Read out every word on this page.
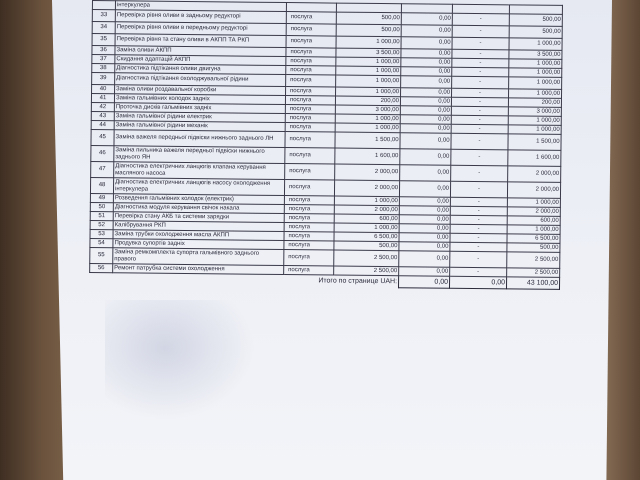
	інтеркулера					
33	Перевірка рівня оливи в задньому редукторі	послуга	500,00	0,00	-	500,00
34	Перевірка рівня оливи в передньому редукторі	послуга	500,00	0,00	-	500,00
35	Перевірка рівня та стану оливи в АКПП ТА РКП	послуга	1 000,00	0,00	-	1 000,00
36	Заміна оливи АКПП	послуга	3 500,00	0,00	-	3 500,00
37	Скидання адаптацій АКПП	послуга	1 000,00	0,00	-	1 000,00
38	Діагностика підтікання оливи двигуна	послуга	1 000,00	0,00	-	1 000,00
39	Діагностика підтікання охолоджувальної рідини	послуга	1 000,00	0,00	-	1 000,00
40	Заміна оливи роздавальної коробки	послуга	1 000,00	0,00	-	1 000,00
41	Заміна гальмівних колодок задніх	послуга	200,00	0,00	-	200,00
42	Проточка дисків гальмівних задніх	послуга	3 000,00	0,00	-	3 000,00
43	Заміна гальмівної рідини електрик	послуга	1 000,00	0,00	-	1 000,00
44	Заміна гальмівної рідини механік	послуга	1 000,00	0,00	-	1 000,00
45	Заміна важеля передньої підвіски нижнього заднього ЛН	послуга	1 500,00	0,00	-	1 500,00
46	Заміна пильника важеля передньої підвіски нижнього заднього ЯН	послуга	1 600,00	0,00	-	1 600,00
47	Діагностика електричних ланцюгів клапана керування масляного насоса	послуга	2 000,00	0,00	-	2 000,00
48	Діагностика електричних ланцюгів насосу охолодження інтеркулера	послуга	2 000,00	0,00	-	2 000,00
49	Розведення гальмівних колодок (електрик)	послуга	1 000,00	0,00	-	1 000,00
50	Діагностика модуля керування свічок накала	послуга	2 000,00	0,00	-	2 000,00
51	Перевірка стану АКБ та системи зарядки	послуга	600,00	0,00	-	600,00
52	Калібрування РКП	послуга	1 000,00	0,00	-	1 000,00
53	Заміна трубки охолодження масла АКПП	послуга	6 500,00	0,00	-	6 500,00
54	Продувка супортів задніх	послуга	500,00	0,00	-	500,00
55	Заміна ремкомплекта супорта гальмівного заднього правого	послуга	2 500,00	0,00	-	2 500,00
56	Ремонт патрубка системи охолодження	послуга	2 500,00	0,00	-	2 500,00
Итого по странице UAH:				0,00	0,00	43 100,00
